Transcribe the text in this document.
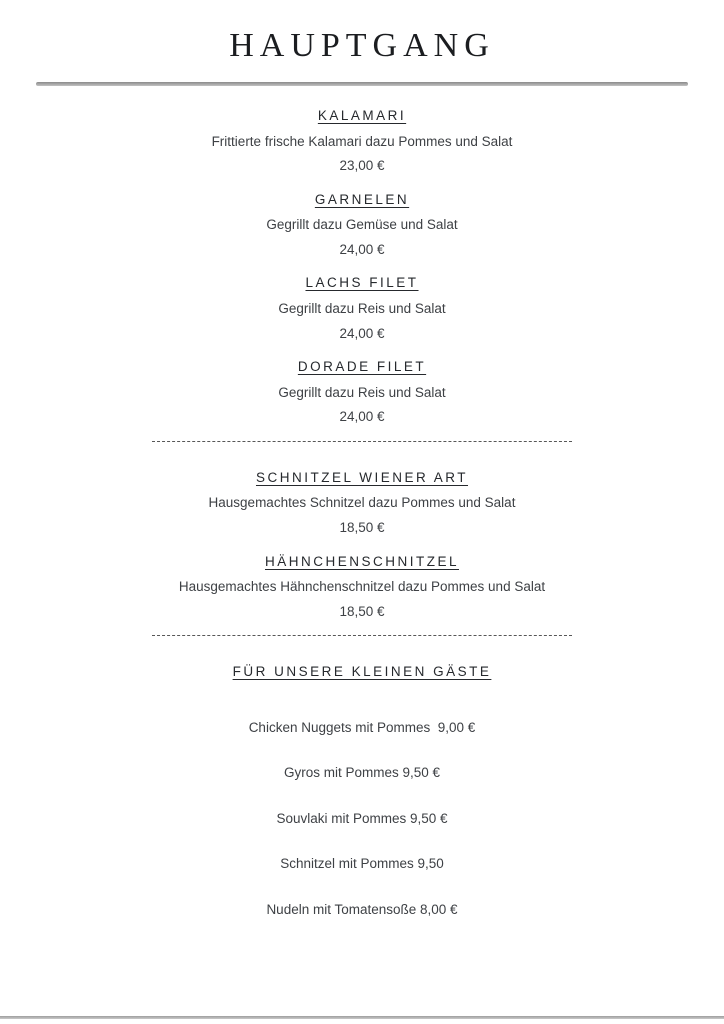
HAUPTGANG
KALAMARI

Frittierte frische Kalamari dazu Pommes und Salat

23,00 €

GARNELEN

Gegrillt dazu Gemüse und Salat

24,00 €

LACHS FILET

Gegrillt dazu Reis und Salat

24,00 €

DORADE FILET

Gegrillt dazu Reis und Salat

24,00 €

SCHNITZEL WIENER ART

Hausgemachtes Schnitzel dazu Pommes und Salat

18,50 €

HÄHNCHENSCHNITZEL

Hausgemachtes Hähnchenschnitzel dazu Pommes und Salat

18,50 €

FÜR UNSERE KLEINEN GÄSTE

Chicken Nuggets mit Pommes  9,00 €

Gyros mit Pommes 9,50 €

Souvlaki mit Pommes 9,50 €

Schnitzel mit Pommes 9,50

Nudeln mit Tomatensoße 8,00 €
